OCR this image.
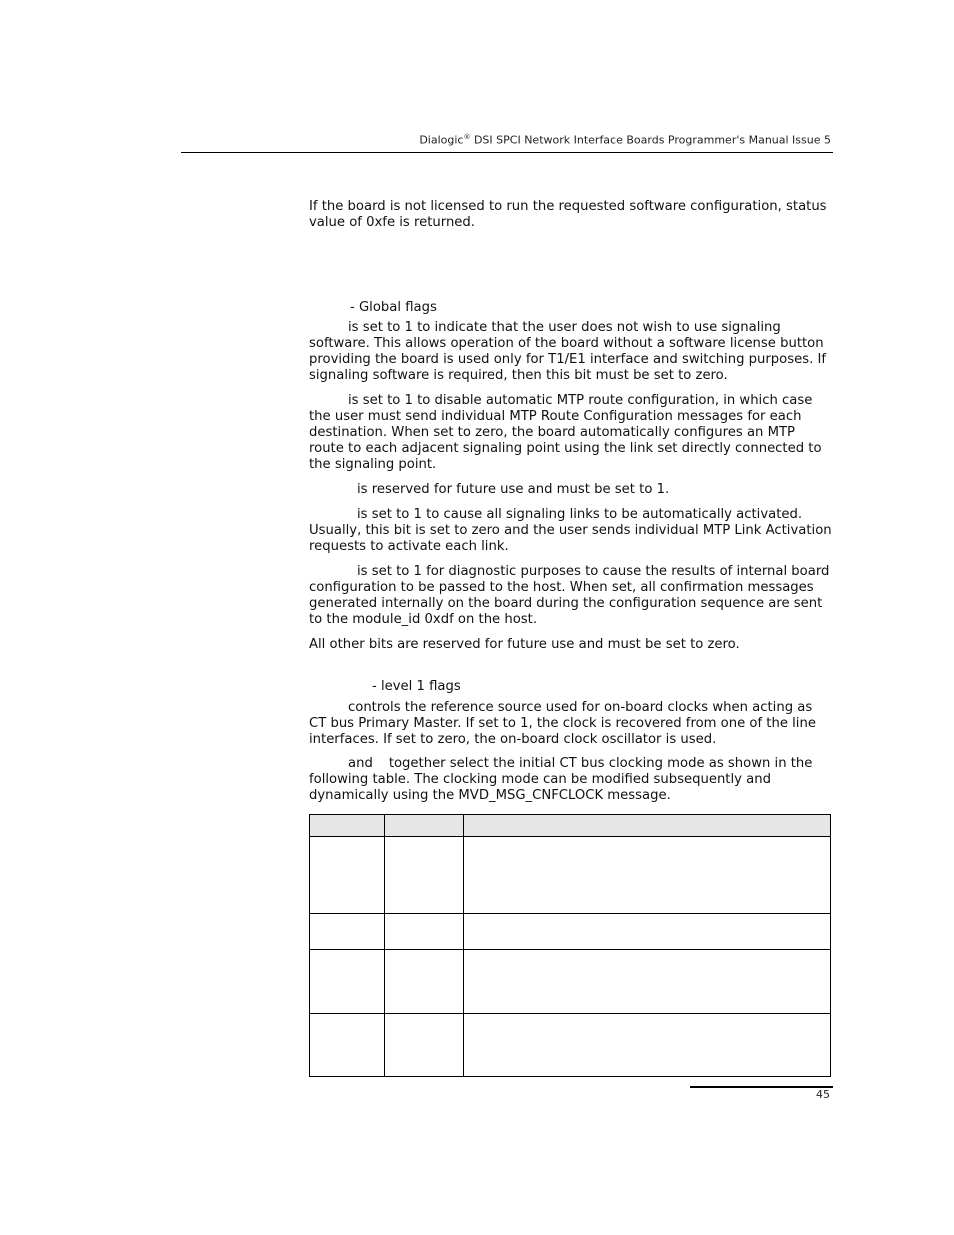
Dialogic® DSI SPCI Network Interface Boards Programmer's Manual Issue 5

If the board is not licensed to run the requested software configuration, status value of 0xfe is returned.

- Global flags

is set to 1 to indicate that the user does not wish to use signaling software. This allows operation of the board without a software license button providing the board is used only for T1/E1 interface and switching purposes. If signaling software is required, then this bit must be set to zero.

is set to 1 to disable automatic MTP route configuration, in which case the user must send individual MTP Route Configuration messages for each destination. When set to zero, the board automatically configures an MTP route to each adjacent signaling point using the link set directly connected to the signaling point.

is reserved for future use and must be set to 1.

is set to 1 to cause all signaling links to be automatically activated. Usually, this bit is set to zero and the user sends individual MTP Link Activation requests to activate each link.

is set to 1 for diagnostic purposes to cause the results of internal board configuration to be passed to the host. When set, all confirmation messages generated internally on the board during the configuration sequence are sent to the module_id 0xdf on the host.

All other bits are reserved for future use and must be set to zero.

- level 1 flags

controls the reference source used for on-board clocks when acting as CT bus Primary Master. If set to 1, the clock is recovered from one of the line interfaces. If set to zero, the on-board clock oscillator is used.

and together select the initial CT bus clocking mode as shown in the following table. The clocking mode can be modified subsequently and dynamically using the MVD_MSG_CNFCLOCK message.

45
